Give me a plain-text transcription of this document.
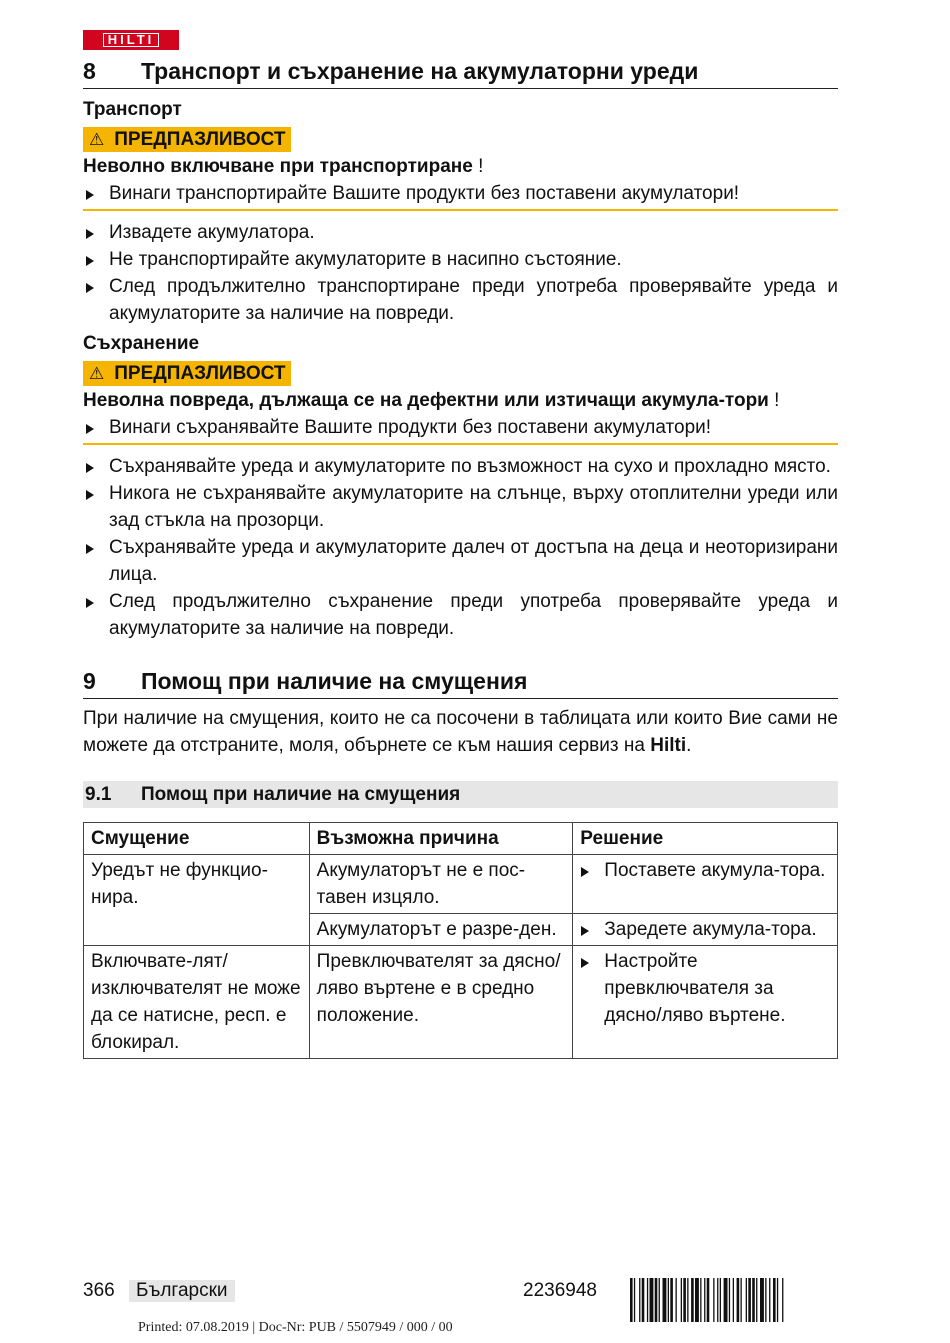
HILTI
8	Транспорт и съхранение на акумулаторни уреди
Транспорт
⚠ ПРЕДПАЗЛИВОСТ
Неволно включване при транспортиране !
Винаги транспортирайте Вашите продукти без поставени акумулатори!
Извадете акумулатора.
Не транспортирайте акумулаторите в насипно състояние.
След продължително транспортиране преди употреба проверявайте уреда и акумулаторите за наличие на повреди.
Съхранение
⚠ ПРЕДПАЗЛИВОСТ
Неволна повреда, дължаща се на дефектни или изтичащи акумула-тори !
Винаги съхранявайте Вашите продукти без поставени акумулатори!
Съхранявайте уреда и акумулаторите по възможност на сухо и прохладно място.
Никога не съхранявайте акумулаторите на слънце, върху отоплителни уреди или зад стъкла на прозорци.
Съхранявайте уреда и акумулаторите далеч от достъпа на деца и неоторизирани лица.
След продължително съхранение преди употреба проверявайте уреда и акумулаторите за наличие на повреди.
9	Помощ при наличие на смущения
При наличие на смущения, които не са посочени в таблицата или които Вие сами не можете да отстраните, моля, обърнете се към нашия сервиз на Hilti.
9.1	Помощ при наличие на смущения
Смущение	Възможна причина	Решение
Уредът не функцио-нира.	Акумулаторът не е пос-тавен изцяло.	Поставете акумула-тора.

	Акумулаторът е разре-ден.	Заредете акумула-тора.

Включвате-лят/изключвателят не може да се натисне, респ. е блокирал.	Превключвателят за дясно/ляво въртене е в средно положение.	Настройте превключвателя за дясно/ляво въртене.
366	Български	2236948
Printed: 07.08.2019 | Doc-Nr: PUB / 5507949 / 000 / 00
